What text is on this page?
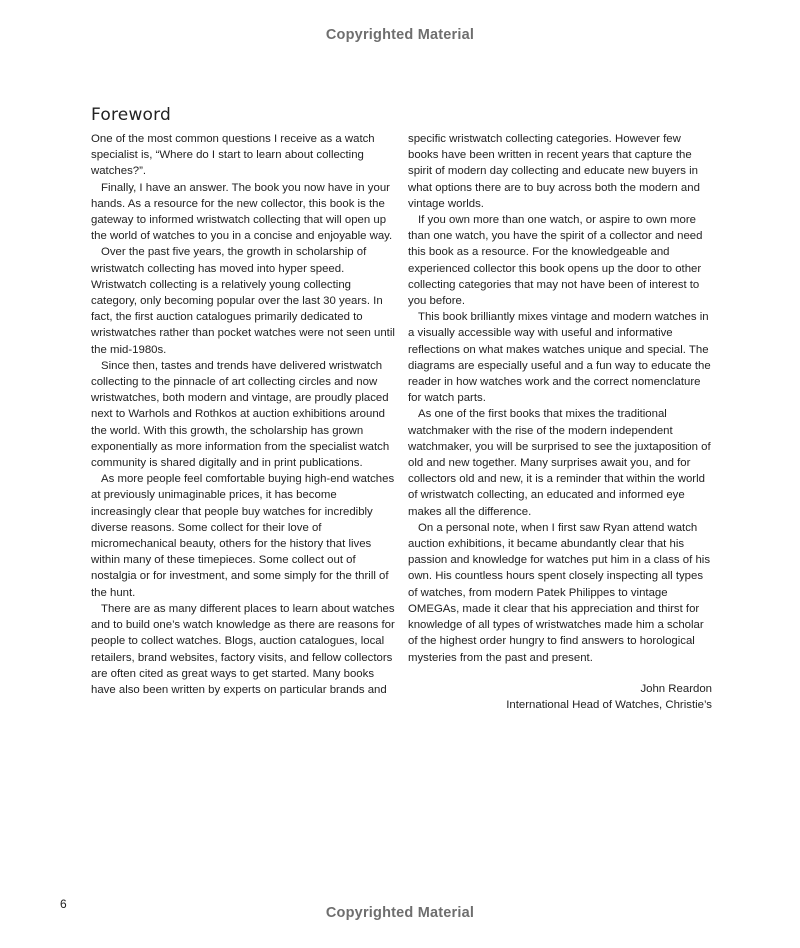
Copyrighted Material
Foreword

One of the most common questions I receive as a watch specialist is, “Where do I start to learn about collecting watches?”.

Finally, I have an answer. The book you now have in your hands. As a resource for the new collector, this book is the gateway to informed wristwatch collecting that will open up the world of watches to you in a concise and enjoyable way.

Over the past five years, the growth in scholarship of wristwatch collecting has moved into hyper speed. Wristwatch collecting is a relatively young collecting category, only becoming popular over the last 30 years. In fact, the first auction catalogues primarily dedicated to wristwatches rather than pocket watches were not seen until the mid-1980s.

Since then, tastes and trends have delivered wristwatch collecting to the pinnacle of art collecting circles and now wristwatches, both modern and vintage, are proudly placed next to Warhols and Rothkos at auction exhibitions around the world. With this growth, the scholarship has grown exponentially as more information from the specialist watch community is shared digitally and in print publications.

As more people feel comfortable buying high-end watches at previously unimaginable prices, it has become increasingly clear that people buy watches for incredibly diverse reasons. Some collect for their love of micromechanical beauty, others for the history that lives within many of these timepieces. Some collect out of nostalgia or for investment, and some simply for the thrill of the hunt.

There are as many different places to learn about watches and to build one’s watch knowledge as there are reasons for people to collect watches. Blogs, auction catalogues, local retailers, brand websites, factory visits, and fellow collectors are often cited as great ways to get started. Many books have also been written by experts on particular brands and

specific wristwatch collecting categories. However few books have been written in recent years that capture the spirit of modern day collecting and educate new buyers in what options there are to buy across both the modern and vintage worlds.

If you own more than one watch, or aspire to own more than one watch, you have the spirit of a collector and need this book as a resource. For the knowledgeable and experienced collector this book opens up the door to other collecting categories that may not have been of interest to you before.

This book brilliantly mixes vintage and modern watches in a visually accessible way with useful and informative reflections on what makes watches unique and special. The diagrams are especially useful and a fun way to educate the reader in how watches work and the correct nomenclature for watch parts.

As one of the first books that mixes the traditional watchmaker with the rise of the modern independent watchmaker, you will be surprised to see the juxtaposition of old and new together. Many surprises await you, and for collectors old and new, it is a reminder that within the world of wristwatch collecting, an educated and informed eye makes all the difference.

On a personal note, when I first saw Ryan attend watch auction exhibitions, it became abundantly clear that his passion and knowledge for watches put him in a class of his own. His countless hours spent closely inspecting all types of watches, from modern Patek Philippes to vintage OMEGAs, made it clear that his appreciation and thirst for knowledge of all types of wristwatches made him a scholar of the highest order hungry to find answers to horological mysteries from the past and present.

John Reardon
International Head of Watches, Christie’s
6
Copyrighted Material
